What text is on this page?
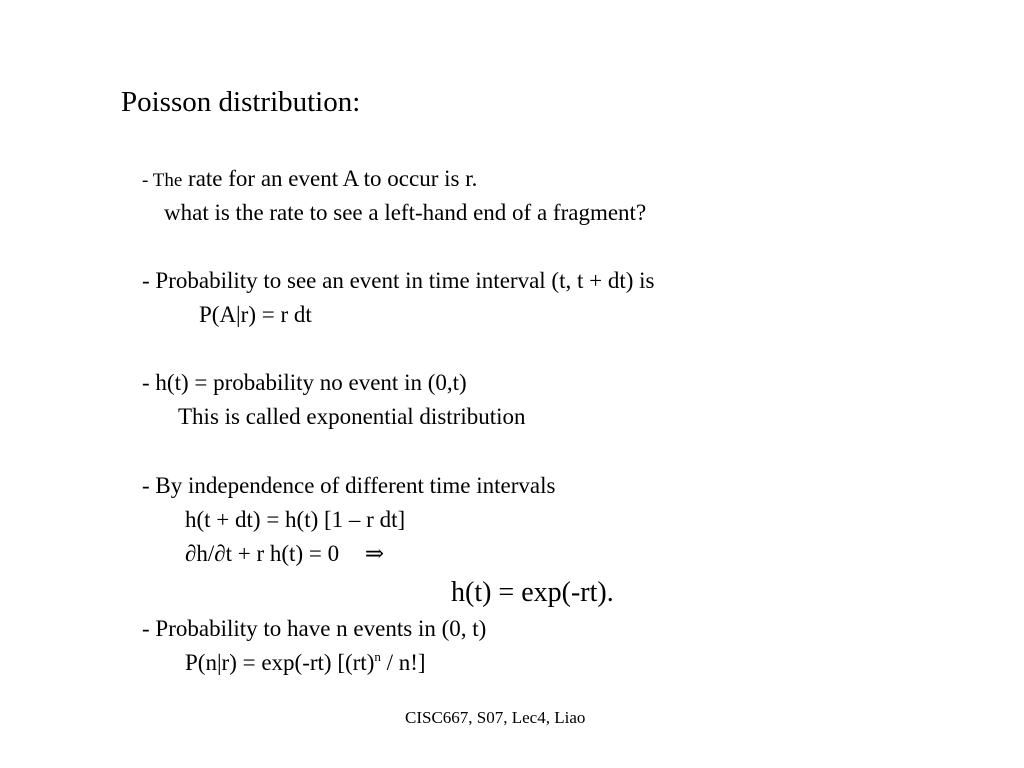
Poisson distribution:
- The rate for an event A to occur is r.
what is the rate to see a left-hand end of a fragment?
- Probability to see an event in time interval (t, t + dt) is
P(A|r) = r dt
- h(t) = probability no event in (0,t)
This is called exponential distribution
- By independence of different time intervals
h(t + dt) = h(t) [1 – r dt]
∂h/∂t + r h(t) = 0 ⇒
h(t) = exp(-rt).
- Probability to have n events in (0, t)
P(n|r) = exp(-rt) [(rt)$^n$ / n!]
CISC667, S07, Lec4, Liao
